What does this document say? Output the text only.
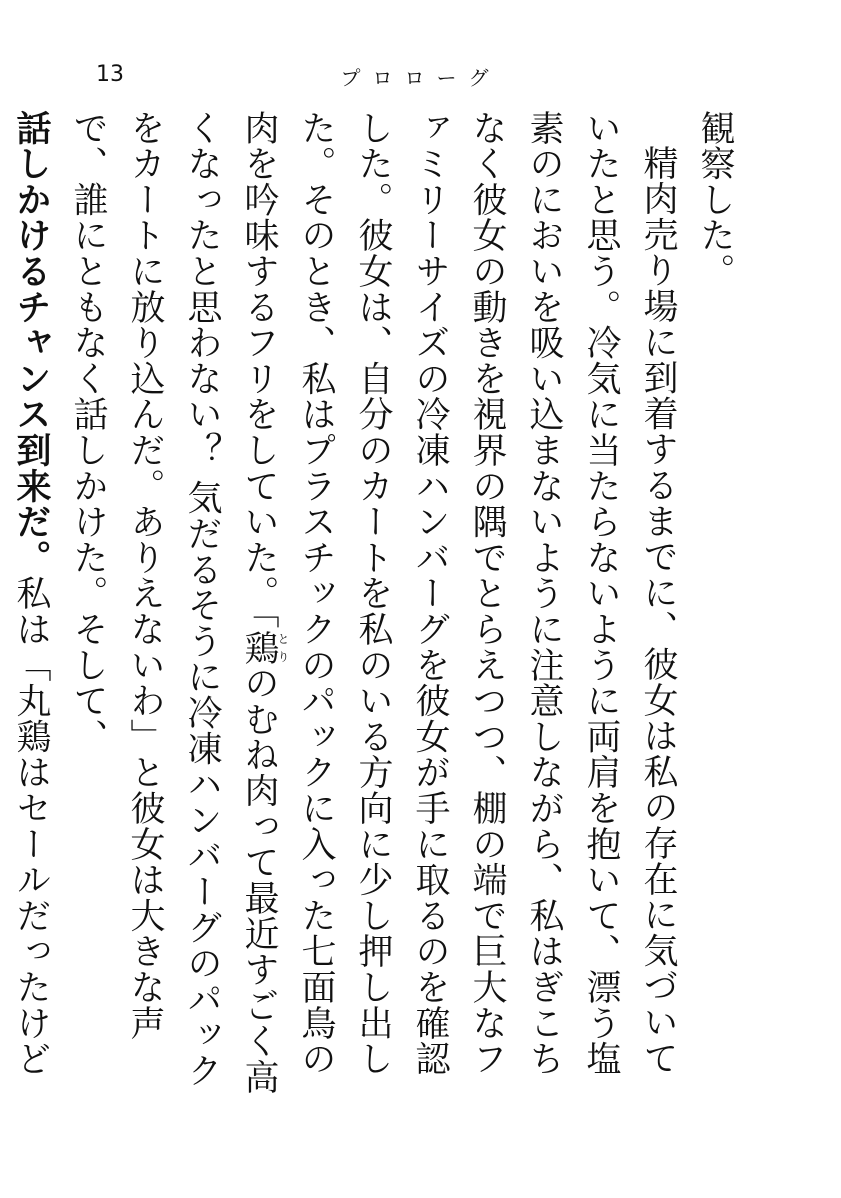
13	プロローグ

観察した。

精肉売り場に到着するまでに、彼女は私の存在に気づいていたと思う。冷気に当たらないように両肩を抱いて、漂う塩素のにおいを吸い込まないように注意しながら、私はぎこちなく彼女の動きを視界の隅でとらえつつ、棚の端で巨大なファミリーサイズの冷凍ハンバーグを彼女が手に取るのを確認した。彼女は、自分のカートを私のいる方向に少し押し出した。そのとき、私はプラスチックのパックに入った七面鳥の肉を吟味するフリをしていた。「鶏とりのむね肉って最近すごく高くなったと思わない？ 気だるそうに冷凍ハンバーグのパックをカートに放り込んだ。ありえないわ」と彼女は大きな声で、誰にともなく話しかけた。そして、

話しかけるチャンス到来だ。私は「丸鶏はセールだったけど
